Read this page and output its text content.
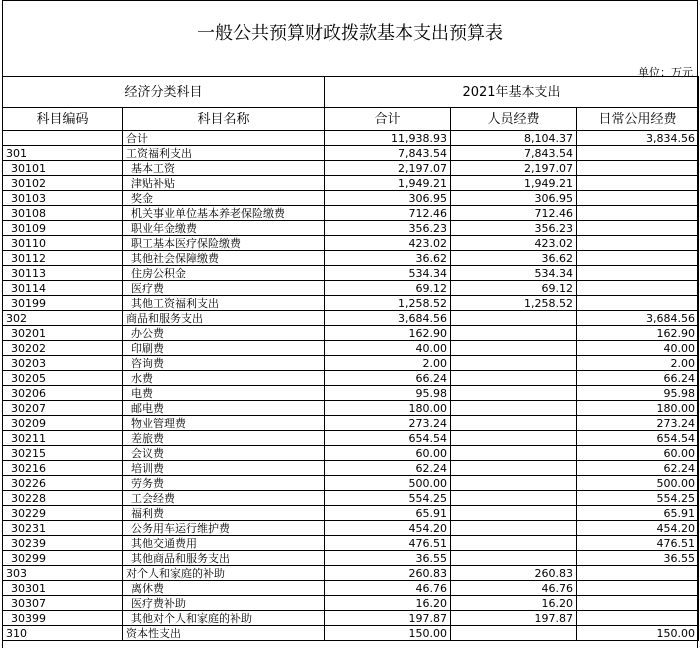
一般公共预算财政拨款基本支出预算表
单位：万元
经济分类科目		2021年基本支出		
科目编码	科目名称	合计	人员经费	日常公用经费
	合计	11,938.93	8,104.37	3,834.56
301	工资福利支出	7,843.54	7,843.54	
30101	基本工资	2,197.07	2,197.07	
30102	津贴补贴	1,949.21	1,949.21	
30103	奖金	306.95	306.95	
30108	机关事业单位基本养老保险缴费	712.46	712.46	
30109	职业年金缴费	356.23	356.23	
30110	职工基本医疗保险缴费	423.02	423.02	
30112	其他社会保障缴费	36.62	36.62	
30113	住房公积金	534.34	534.34	
30114	医疗费	69.12	69.12	
30199	其他工资福利支出	1,258.52	1,258.52	
302	商品和服务支出	3,684.56		3,684.56
30201	办公费	162.90		162.90
30202	印刷费	40.00		40.00
30203	咨询费	2.00		2.00
30205	水费	66.24		66.24
30206	电费	95.98		95.98
30207	邮电费	180.00		180.00
30209	物业管理费	273.24		273.24
30211	差旅费	654.54		654.54
30215	会议费	60.00		60.00
30216	培训费	62.24		62.24
30226	劳务费	500.00		500.00
30228	工会经费	554.25		554.25
30229	福利费	65.91		65.91
30231	公务用车运行维护费	454.20		454.20
30239	其他交通费用	476.51		476.51
30299	其他商品和服务支出	36.55		36.55
303	对个人和家庭的补助	260.83	260.83	
30301	离休费	46.76	46.76	
30307	医疗费补助	16.20	16.20	
30399	其他对个人和家庭的补助	197.87	197.87	
310	资本性支出	150.00		150.00
